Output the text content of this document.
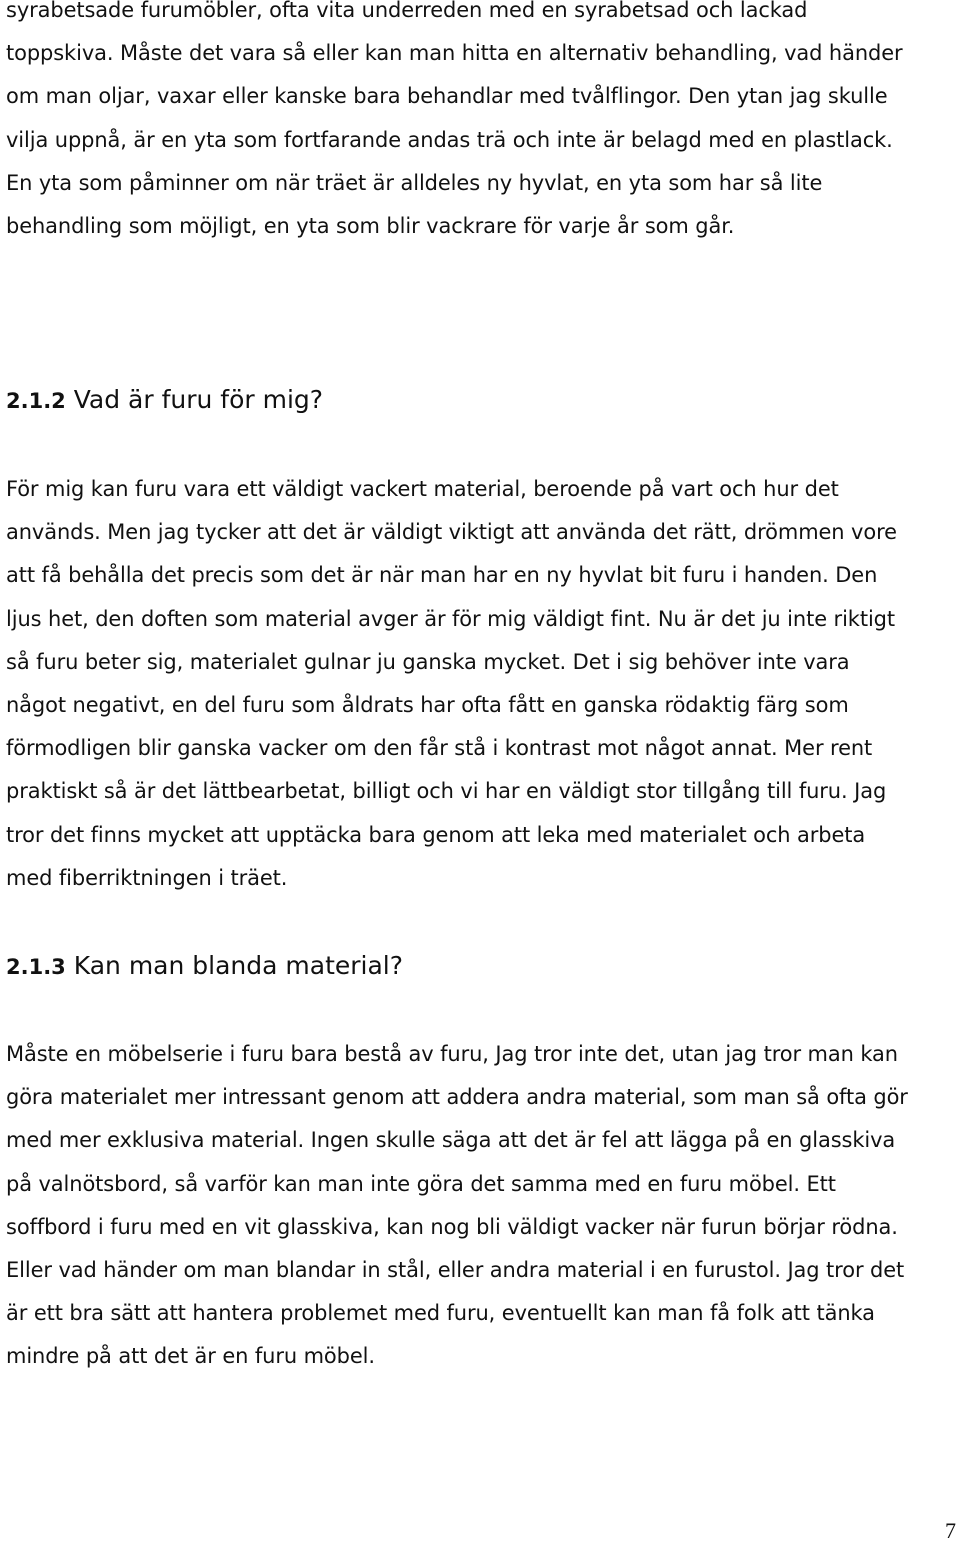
syrabetsade furumöbler, ofta vita underreden med en syrabetsad och lackad
toppskiva. Måste det vara så eller kan man hitta en alternativ behandling, vad händer
om man oljar, vaxar eller kanske bara behandlar med tvålflingor. Den ytan jag skulle
vilja uppnå, är en yta som fortfarande andas trä och inte är belagd med en plastlack.
En yta som påminner om när träet är alldeles ny hyvlat, en yta som har så lite
behandling som möjligt, en yta som blir vackrare för varje år som går.
2.1.2 Vad är furu för mig?
För mig kan furu vara ett väldigt vackert material, beroende på vart och hur det
används. Men jag tycker att det är väldigt viktigt att använda det rätt, drömmen vore
att få behålla det precis som det är när man har en ny hyvlat bit furu i handen. Den
ljus het, den doften som material avger är för mig väldigt fint. Nu är det ju inte riktigt
så furu beter sig, materialet gulnar ju ganska mycket. Det i sig behöver inte vara
något negativt, en del furu som åldrats har ofta fått en ganska rödaktig färg som
förmodligen blir ganska vacker om den får stå i kontrast mot något annat. Mer rent
praktiskt så är det lättbearbetat, billigt och vi har en väldigt stor tillgång till furu. Jag
tror det finns mycket att upptäcka bara genom att leka med materialet och arbeta
med fiberriktningen i träet.
2.1.3 Kan man blanda material?
Måste en möbelserie i furu bara bestå av furu, Jag tror inte det, utan jag tror man kan
göra materialet mer intressant genom att addera andra material, som man så ofta gör
med mer exklusiva material. Ingen skulle säga att det är fel att lägga på en glasskiva
på valnötsbord, så varför kan man inte göra det samma med en furu möbel. Ett
soffbord i furu med en vit glasskiva, kan nog bli väldigt vacker när furun börjar rödna.
Eller vad händer om man blandar in stål, eller andra material i en furustol. Jag tror det
är ett bra sätt att hantera problemet med furu, eventuellt kan man få folk att tänka
mindre på att det är en furu möbel.
7
